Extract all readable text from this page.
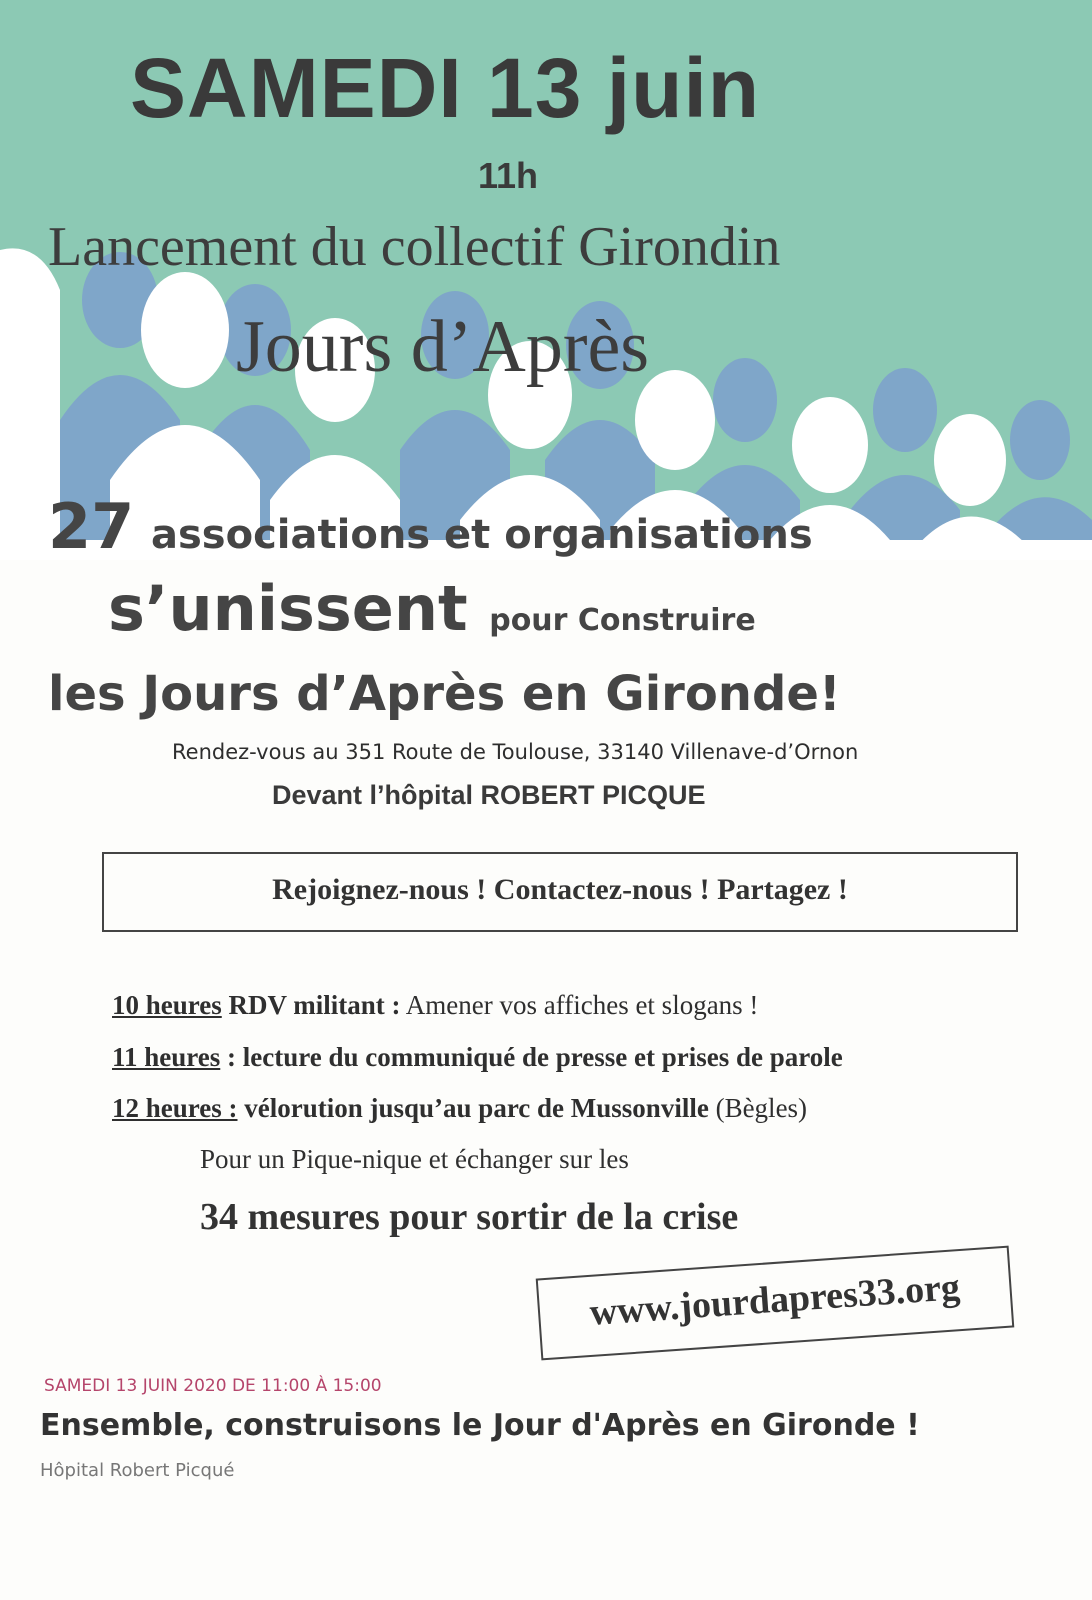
SAMEDI 13 juin
11h
Lancement du collectif Girondin
Jours d’Après
27 associations et organisations
s’unissent pour Construire
les Jours d’Après en Gironde!
Rendez-vous au 351 Route de Toulouse, 33140 Villenave-d’Ornon
Devant l’hôpital ROBERT PICQUE
Rejoignez-nous ! Contactez-nous ! Partagez !
10 heures RDV militant : Amener vos affiches et slogans !
11 heures : lecture du communiqué de presse et prises de parole
12 heures : vélorution jusqu’au parc de Mussonville (Bègles)
Pour un Pique-nique et échanger sur les
34 mesures pour sortir de la crise
www.jourdapres33.org
SAMEDI 13 JUIN 2020 DE 11:00 À 15:00
Ensemble, construisons le Jour d'Après en Gironde !
Hôpital Robert Picqué
